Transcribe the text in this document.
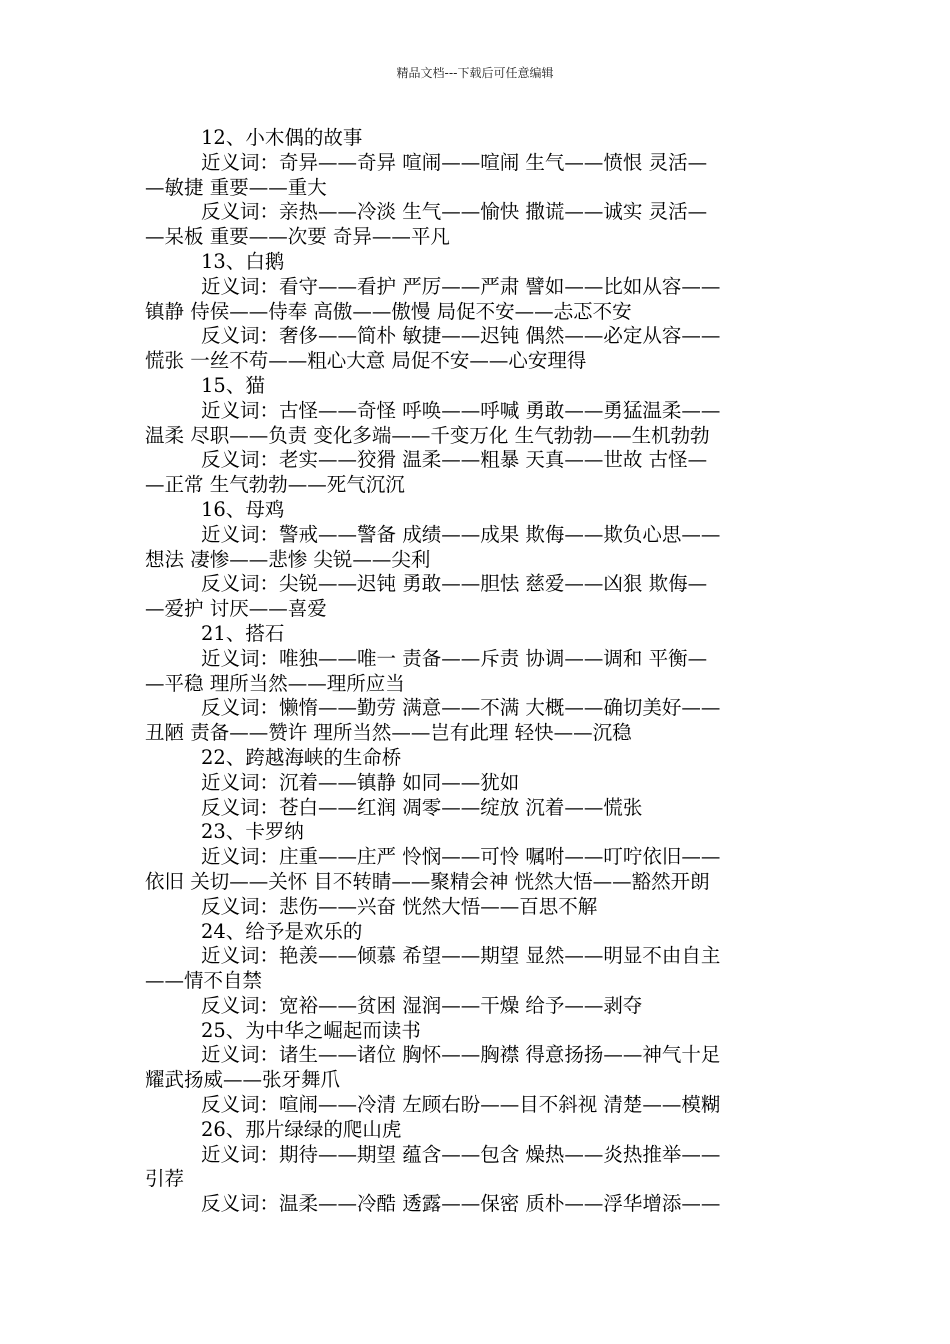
精品文档---下载后可任意编辑
12、小木偶的故事
近义词：奇异——奇异 喧闹——喧闹 生气——愤恨 灵活—
—敏捷 重要——重大
反义词：亲热——冷淡 生气——愉快 撒谎——诚实 灵活—
—呆板 重要——次要 奇异——平凡
13、白鹅
近义词：看守——看护 严厉——严肃 譬如——比如从容——
镇静 侍侯——侍奉 高傲——傲慢 局促不安——忐忑不安
反义词：奢侈——简朴 敏捷——迟钝 偶然——必定从容——
慌张 一丝不苟——粗心大意 局促不安——心安理得
15、猫
近义词：古怪——奇怪 呼唤——呼喊 勇敢——勇猛温柔——
温柔 尽职——负责 变化多端——千变万化 生气勃勃——生机勃勃
反义词：老实——狡猾 温柔——粗暴 天真——世故 古怪—
—正常 生气勃勃——死气沉沉
16、母鸡
近义词：警戒——警备 成绩——成果 欺侮——欺负心思——
想法 凄惨——悲惨 尖锐——尖利
反义词：尖锐——迟钝 勇敢——胆怯 慈爱——凶狠 欺侮—
—爱护 讨厌——喜爱
21、搭石
近义词：唯独——唯一 责备——斥责 协调——调和 平衡—
—平稳 理所当然——理所应当
反义词：懒惰——勤劳 满意——不满 大概——确切美好——
丑陋 责备——赞许 理所当然——岂有此理 轻快——沉稳
22、跨越海峡的生命桥
近义词：沉着——镇静 如同——犹如
反义词：苍白——红润 凋零——绽放 沉着——慌张
23、卡罗纳
近义词：庄重——庄严 怜悯——可怜 嘱咐——叮咛依旧——
依旧 关切——关怀 目不转睛——聚精会神 恍然大悟——豁然开朗
反义词：悲伤——兴奋 恍然大悟——百思不解
24、给予是欢乐的
近义词：艳羡——倾慕 希望——期望 显然——明显不由自主
——情不自禁
反义词：宽裕——贫困 湿润——干燥 给予——剥夺
25、为中华之崛起而读书
近义词：诸生——诸位 胸怀——胸襟 得意扬扬——神气十足
耀武扬威——张牙舞爪
反义词：喧闹——冷清 左顾右盼——目不斜视 清楚——模糊
26、那片绿绿的爬山虎
近义词：期待——期望 蕴含——包含 燥热——炎热推举——
引荐
反义词：温柔——冷酷 透露——保密 质朴——浮华增添——
